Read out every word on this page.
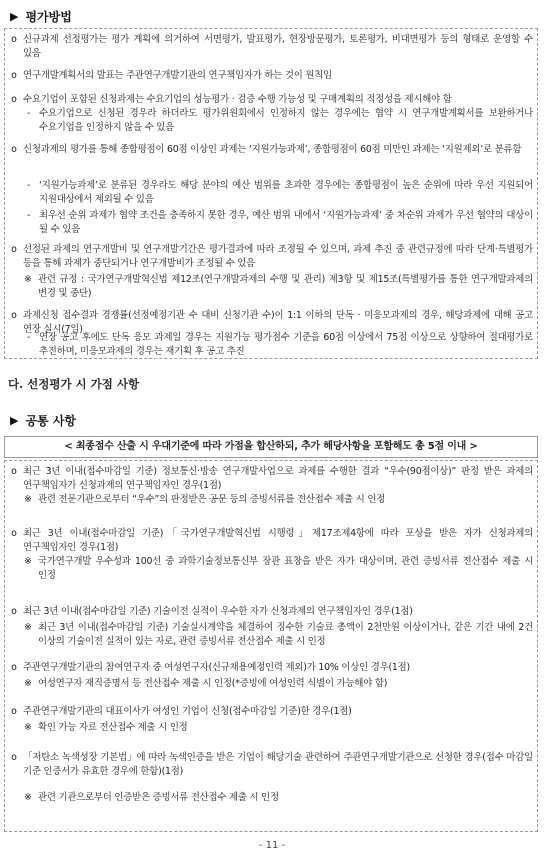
▶ 평가방법
o 신규과제 선정평가는 평가 계획에 의거하여 서면평가, 발표평가, 현장방문평가, 토론평가, 비대면평가 등의 형태로 운영할 수 있음
o 연구개발계획서의 발표는 주관연구개발기관의 연구책임자가 하는 것이 원칙임
o 수요기업이 포함된 신청과제는 수요기업의 성능평가 · 검증 수행 가능성 및 구매계획의 적정성을 제시해야 함
- 수요기업으로 신청된 경우라 하더라도 평가위원회에서 인정하지 않는 경우에는 협약 시 연구개발계획서를 보완하거나 수요기업을 인정하지 않을 수 있음
o 신청과제의 평가를 통해 종합평점이 60점 이상인 과제는 ‘지원가능과제’, 종합평점이 60점 미만인 과제는 ‘지원제외’로 분류함
- ‘지원가능과제’로 분류된 경우라도 해당 분야의 예산 범위를 초과한 경우에는 종합평점이 높은 순위에 따라 우선 지원되어 지원대상에서 제외될 수 있음
- 최우선 순위 과제가 협약 조건을 충족하지 못한 경우, 예산 범위 내에서 ‘지원가능과제’ 중 차순위 과제가 우선 협약의 대상이 될 수 있음
o 선정된 과제의 연구개발비 및 연구개발기간은 평가결과에 따라 조정될 수 있으며, 과제 추진 중 관련규정에 따라 단계·특별평가 등을 통해 과제가 중단되거나 연구개발비가 조정될 수 있음
※ 관련 규정 : 국가연구개발혁신법 제12조(연구개발과제의 수행 및 관리) 제3항 및 제15조(특별평가를 통한 연구개발과제의 변경 및 중단)
o 과제신청 접수결과 경쟁률(선정예정기관 수 대비 신청기관 수)이 1:1 이하의 단독 · 미응모과제의 경우, 해당과제에 대해 공고 연장 실시(7일)
- 연장 공고 후에도 단독 응모 과제일 경우는 지원가능 평가점수 기준을 60점 이상에서 75점 이상으로 상향하여 절대평가로 추진하며, 미응모과제의 경우는 재기획 후 공고 추진
다. 선정평가 시 가점 사항
▶ 공통 사항
< 최종점수 산출 시 우대기준에 따라 가점을 합산하되, 추가 해당사항을 포함해도 총 5점 이내 >
o 최근 3년 이내(접수마감일 기준) 정보통신·방송 연구개발사업으로 과제를 수행한 결과 “우수(90점이상)” 판정 받은 과제의 연구책임자가 신청과제의 연구책임자인 경우(1점)
※ 관련 전문기관으로부터 “우수”의 판정받은 공문 등의 증빙서류를 전산접수 제출 시 인정
o 최근 3년 이내(접수마감일 기준)「국가연구개발혁신법 시행령」제17조제4항에 따라 포상을 받은 자가 신청과제의 연구책임자인 경우(1점)
※ 국가연구개발 우수성과 100선 중 과학기술정보통신부 장관 표창을 받은 자가 대상이며, 관련 증빙서류 전산접수 제출 시 인정
o 최근 3년 이내(접수마감일 기준) 기술이전 실적이 우수한 자가 신청과제의 연구책임자인 경우(1점)
※ 최근 3년 이내(접수마감일 기준) 기술실시계약을 체결하여 징수한 기술료 총액이 2천만원 이상이거나, 같은 기간 내에 2건 이상의 기술이전 실적이 있는 자로, 관련 증빙서류 전산접수 제출 시 인정
o 주관연구개발기관의 참여연구자 중 여성연구자(신규채용예정인력 제외)가 10% 이상인 경우(1점)
※ 여성연구자 재직증명서 등 전산접수 제출 시 인정(*증빙에 여성인력 식별이 가능해야 함)
o 주관연구개발기관의 대표이사가 여성인 기업이 신청(접수마감일 기준)한 경우(1점)
※ 확인 가능 자료 전산접수 제출 시 인정
o 「저탄소 녹색성장 기본법」에 따라 녹색인증을 받은 기업이 해당기술 관련하여 주관연구개발기관으로 신청한 경우(접수 마감일 기준 인증서가 유효한 경우에 한함)(1점)
※ 관련 기관으로부터 인증받은 증빙서류 전산접수 제출 시 인정
- 11 -
